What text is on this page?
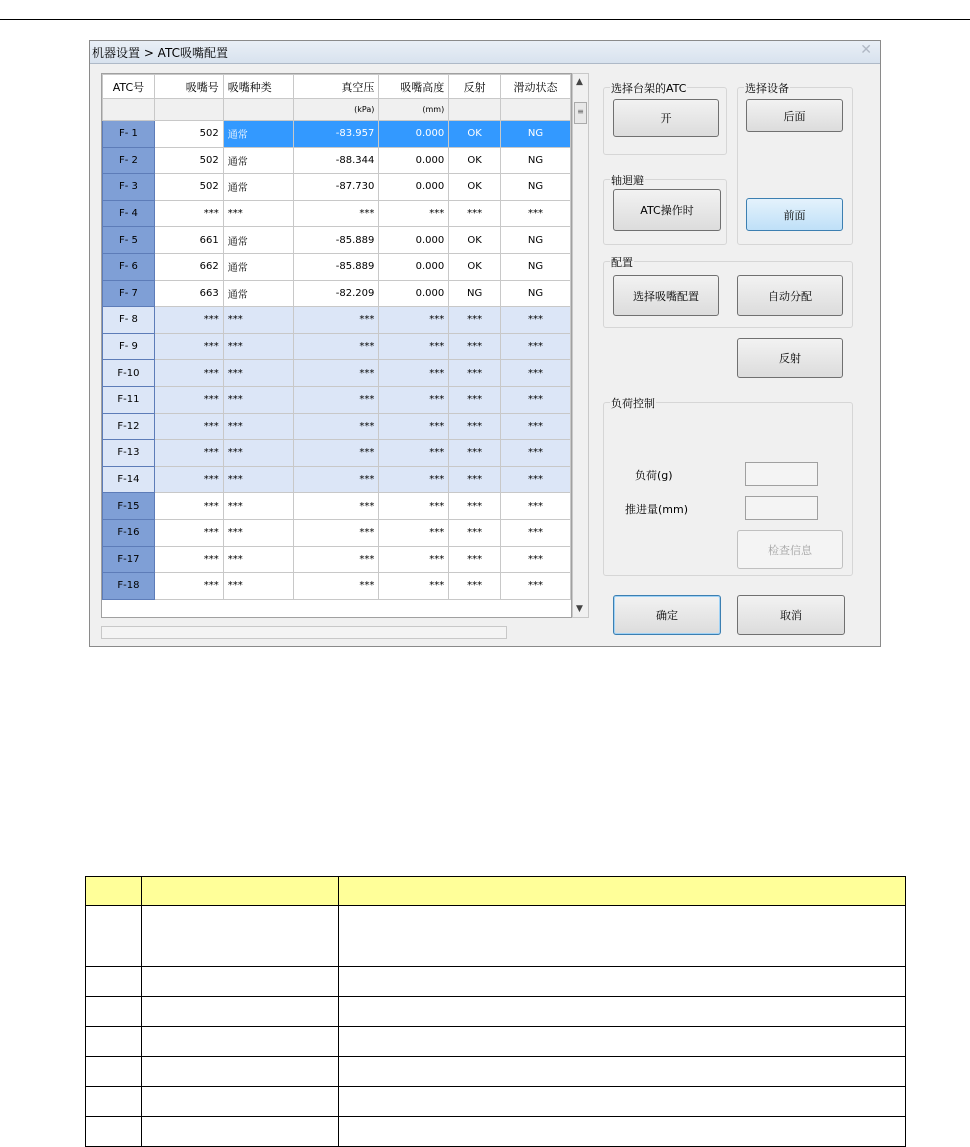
机器设置 > ATC吸嘴配置	✕
ATC号	吸嘴号	吸嘴种类	真空压	吸嘴高度	反射	滑动状态
			(kPa)	(mm)		
F- 1	502	通常	-83.957	0.000	OK	NG
F- 2	502	通常	-88.344	0.000	OK	NG
F- 3	502	通常	-87.730	0.000	OK	NG
F- 4	***	***	***	***	***	***
F- 5	661	通常	-85.889	0.000	OK	NG
F- 6	662	通常	-85.889	0.000	OK	NG
F- 7	663	通常	-82.209	0.000	NG	NG
F- 8	***	***	***	***	***	***
F- 9	***	***	***	***	***	***
F-10	***	***	***	***	***	***
F-11	***	***	***	***	***	***
F-12	***	***	***	***	***	***
F-13	***	***	***	***	***	***
F-14	***	***	***	***	***	***
F-15	***	***	***	***	***	***
F-16	***	***	***	***	***	***
F-17	***	***	***	***	***	***
F-18	***	***	***	***	***	***
▲
≡
▼
选择台架的ATC
开
选择设备
后面
前面
轴迴避
ATC操作时
配置
选择吸嘴配置	自动分配
反射
负荷控制
负荷(g)
推进量(mm)
检查信息
确定	取消
